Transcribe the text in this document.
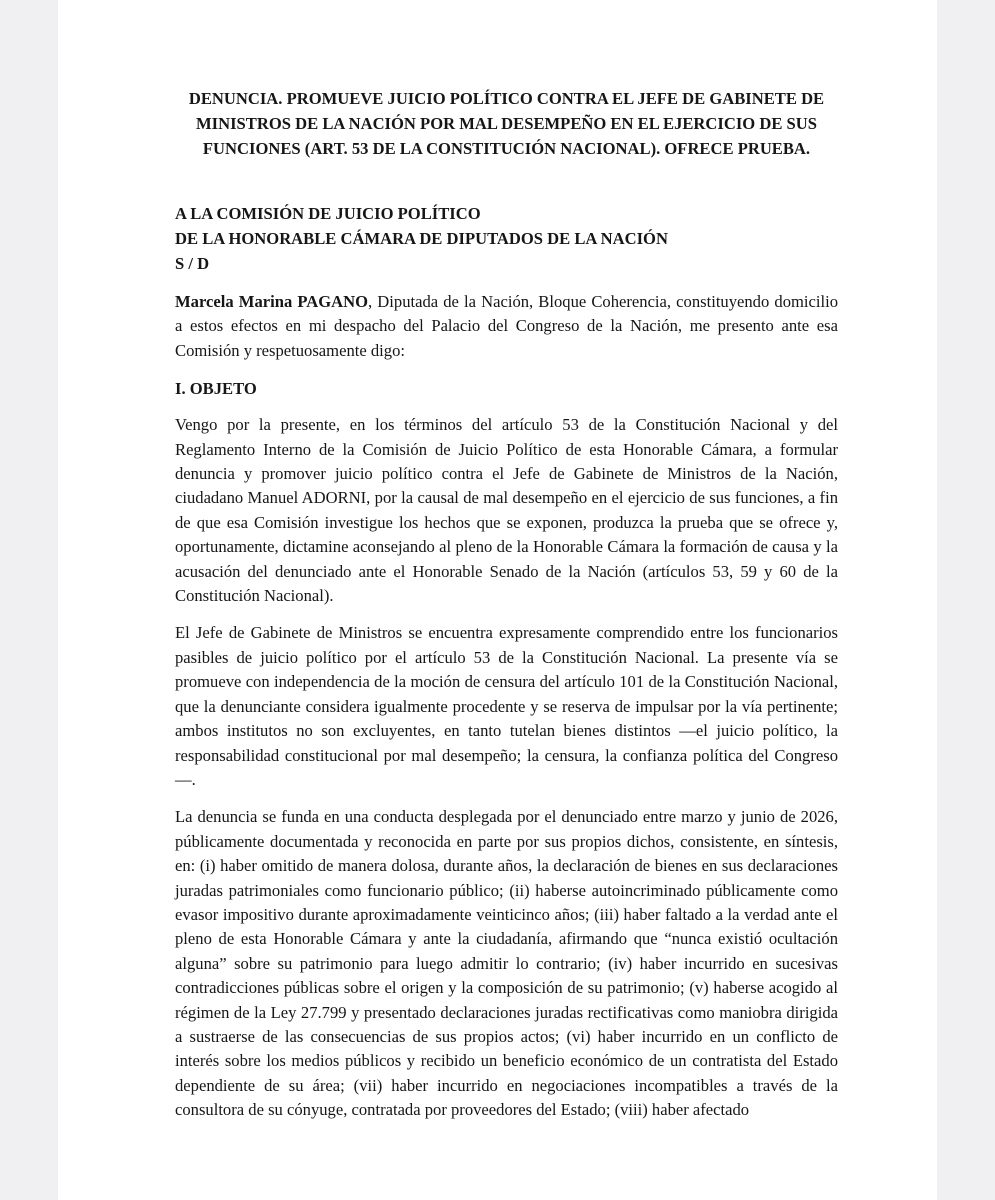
DENUNCIA. PROMUEVE JUICIO POLÍTICO CONTRA EL JEFE DE GABINETE DE MINISTROS DE LA NACIÓN POR MAL DESEMPEÑO EN EL EJERCICIO DE SUS FUNCIONES (ART. 53 DE LA CONSTITUCIÓN NACIONAL). OFRECE PRUEBA.
A LA COMISIÓN DE JUICIO POLÍTICO
DE LA HONORABLE CÁMARA DE DIPUTADOS DE LA NACIÓN
S / D

Marcela Marina PAGANO, Diputada de la Nación, Bloque Coherencia, constituyendo domicilio a estos efectos en mi despacho del Palacio del Congreso de la Nación, me presento ante esa Comisión y respetuosamente digo:

I. OBJETO

Vengo por la presente, en los términos del artículo 53 de la Constitución Nacional y del Reglamento Interno de la Comisión de Juicio Político de esta Honorable Cámara, a formular denuncia y promover juicio político contra el Jefe de Gabinete de Ministros de la Nación, ciudadano Manuel ADORNI, por la causal de mal desempeño en el ejercicio de sus funciones, a fin de que esa Comisión investigue los hechos que se exponen, produzca la prueba que se ofrece y, oportunamente, dictamine aconsejando al pleno de la Honorable Cámara la formación de causa y la acusación del denunciado ante el Honorable Senado de la Nación (artículos 53, 59 y 60 de la Constitución Nacional).

El Jefe de Gabinete de Ministros se encuentra expresamente comprendido entre los funcionarios pasibles de juicio político por el artículo 53 de la Constitución Nacional. La presente vía se promueve con independencia de la moción de censura del artículo 101 de la Constitución Nacional, que la denunciante considera igualmente procedente y se reserva de impulsar por la vía pertinente; ambos institutos no son excluyentes, en tanto tutelan bienes distintos —el juicio político, la responsabilidad constitucional por mal desempeño; la censura, la confianza política del Congreso—.

La denuncia se funda en una conducta desplegada por el denunciado entre marzo y junio de 2026, públicamente documentada y reconocida en parte por sus propios dichos, consistente, en síntesis, en: (i) haber omitido de manera dolosa, durante años, la declaración de bienes en sus declaraciones juradas patrimoniales como funcionario público; (ii) haberse autoincriminado públicamente como evasor impositivo durante aproximadamente veinticinco años; (iii) haber faltado a la verdad ante el pleno de esta Honorable Cámara y ante la ciudadanía, afirmando que “nunca existió ocultación alguna” sobre su patrimonio para luego admitir lo contrario; (iv) haber incurrido en sucesivas contradicciones públicas sobre el origen y la composición de su patrimonio; (v) haberse acogido al régimen de la Ley 27.799 y presentado declaraciones juradas rectificativas como maniobra dirigida a sustraerse de las consecuencias de sus propios actos; (vi) haber incurrido en un conflicto de interés sobre los medios públicos y recibido un beneficio económico de un contratista del Estado dependiente de su área; (vii) haber incurrido en negociaciones incompatibles a través de la consultora de su cónyuge, contratada por proveedores del Estado; (viii) haber afectado
